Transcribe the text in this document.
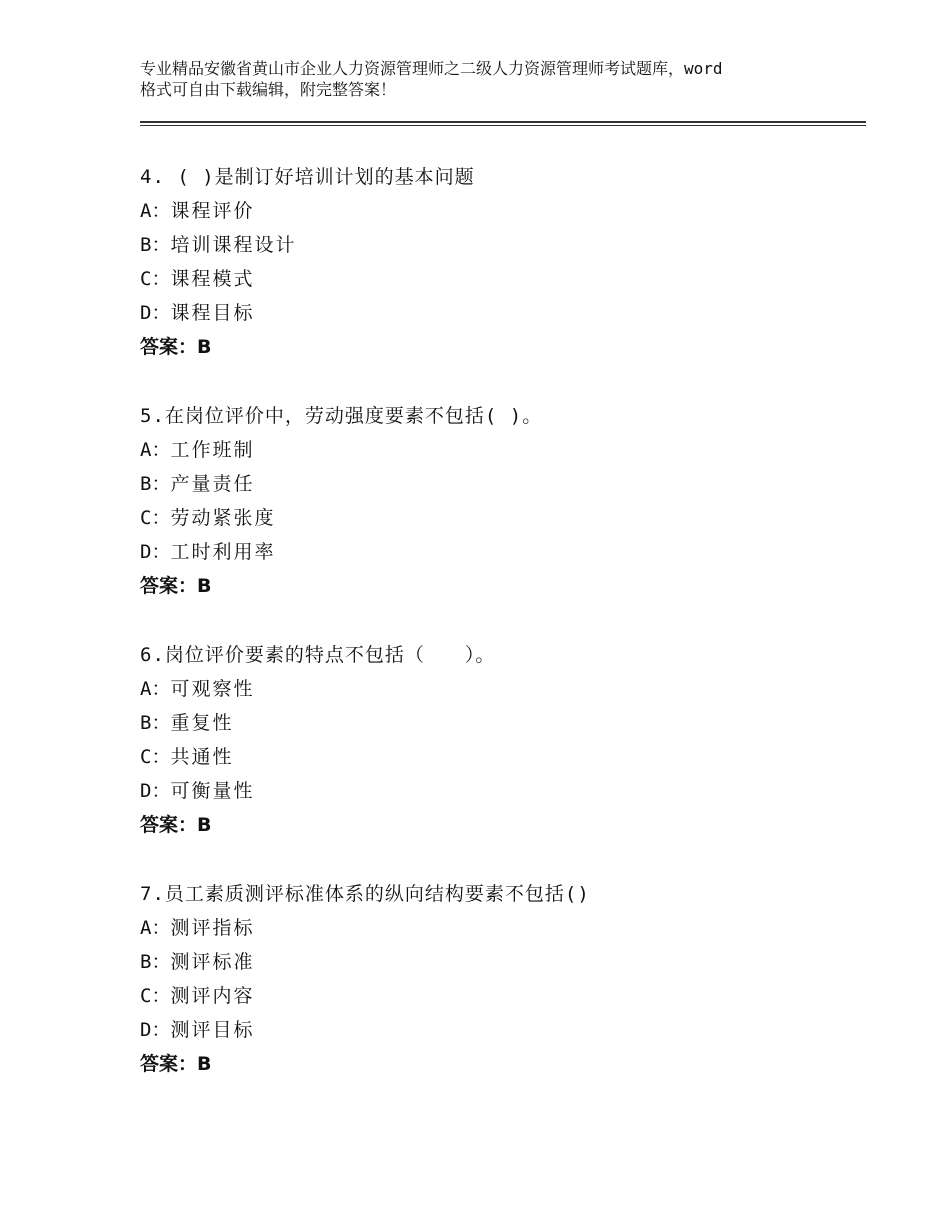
专业精品安徽省黄山市企业人力资源管理师之二级人力资源管理师考试题库，word
格式可自由下载编辑，附完整答案！
4. ( )是制订好培训计划的基本问题
A：课程评价
B：培训课程设计
C：课程模式
D：课程目标
答案：B
5.在岗位评价中，劳动强度要素不包括( )。
A：工作班制
B：产量责任
C：劳动紧张度
D：工时利用率
答案：B
6.岗位评价要素的特点不包括（　　）。
A：可观察性
B：重复性
C：共通性
D：可衡量性
答案：B
7.员工素质测评标准体系的纵向结构要素不包括()
A：测评指标
B：测评标准
C：测评内容
D：测评目标
答案：B
